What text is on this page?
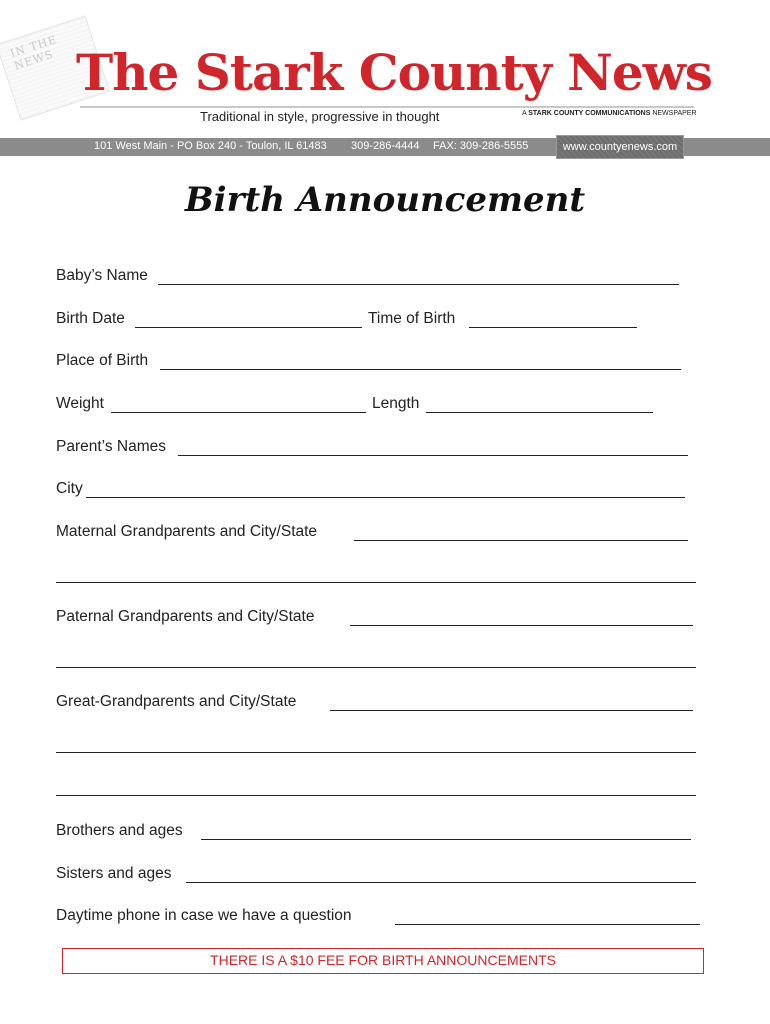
IN THE NEWS The Stark County News
Traditional in style, progressive in thought	A STARK COUNTY COMMUNICATIONS NEWSPAPER
101 West Main - PO Box 240 - Toulon, IL 61483 309-286-4444 FAX: 309-286-5555	www.countyenews.com
Birth Announcement
Baby’s Name
Birth Date	Time of Birth
Place of Birth
Weight	Length
Parent’s Names
City
Maternal Grandparents and City/State
Paternal Grandparents and City/State
Great-Grandparents and City/State
Brothers and ages
Sisters and ages
Daytime phone in case we have a question
THERE IS A $10 FEE FOR BIRTH ANNOUNCEMENTS
